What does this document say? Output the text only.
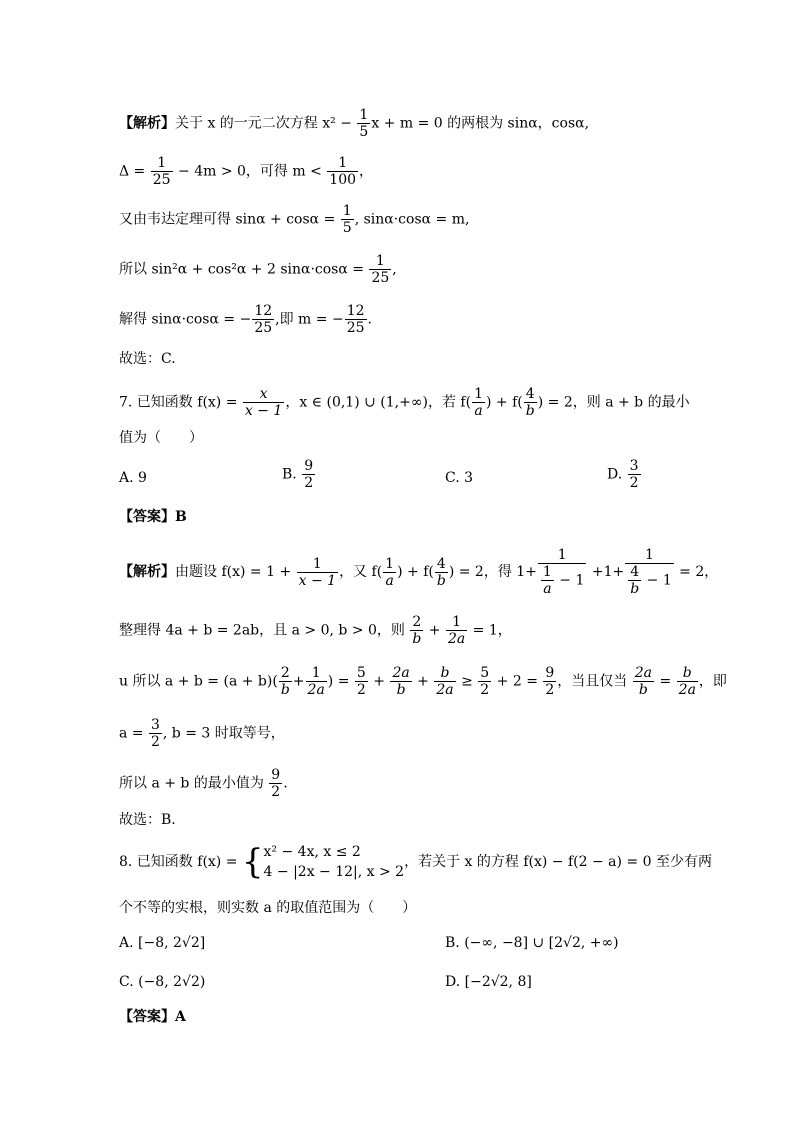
【解析】关于 x 的一元二次方程 $x^2 - \frac{1}{5}$ x + m = 0 的两根为 sinα，cosα,
$\Delta = \frac{1}{25} - 4m > 0$，可得 $m < \frac{1}{100}$ ，
又由韦达定理可得 $\sin\alpha + \cos\alpha = \frac{1}{5}$ , sinα·cosα = m,
所以 sin²α + cos²α + 2 $\sin\alpha\cdot\cos\alpha = \frac{1}{25}$ ,
解得 sinα·cosα = − $\frac{12}{25}$ ,即 m = − $\frac{12}{25}$ .
故选：C.
7. 已知函数 $f(x) = \frac{x}{x - 1}$ ，x ∈ (0,1) ∪ (1,+∞)，若 $f( \frac{1}{a}$ ) + $f( \frac{4}{b}$ ) = 2，则 a + b 的最小
值为（　　）
A. 9	B. $\frac{9}{2}$	C. 3	D. $\frac{3}{2}$
【答案】B
【解析】由题设 $f(x) = 1 + \frac{1}{x - 1}$ ，又 $f( \frac{1}{a}$ ) + $f( \frac{4}{b}$ ) = 2，得 $1+ \frac{1}{\frac{1}{a} - 1} +1+ \frac{1}{\frac{4}{b} - 1} = 2$，
整理得 4a + b = 2ab，且 a > 0, b > 0，则 $\frac{2}{b} + \frac{1}{2a} = 1$，
u 所以 $a + b = (a + b)( \frac{2}{b} + \frac{1}{2a}$ ) = $\frac{5}{2} + \frac{2a}{b} + \frac{b}{2a} \ge \frac{5}{2} + 2 = \frac{9}{2}$ ，当且仅当 $\frac{2a}{b} = \frac{b}{2a}$ ，即
$a = \frac{3}{2}$ , b = 3 时取等号，
所以 a + b 的最小值为 $\frac{9}{2}$ .
故选：B.
8. 已知函数 f(x) = { x² − 4x, x ≤ 2
4 − |2x − 12|, x > 2
，若关于 x 的方程 f(x) − f(2 − a) = 0 至少有两
个不等的实根，则实数 a 的取值范围为（　　）
A. [−8, 2√2]	B. (−∞, −8] ∪ [2√2, +∞)
C. (−8, 2√2)	D. [−2√2, 8]
【答案】A
